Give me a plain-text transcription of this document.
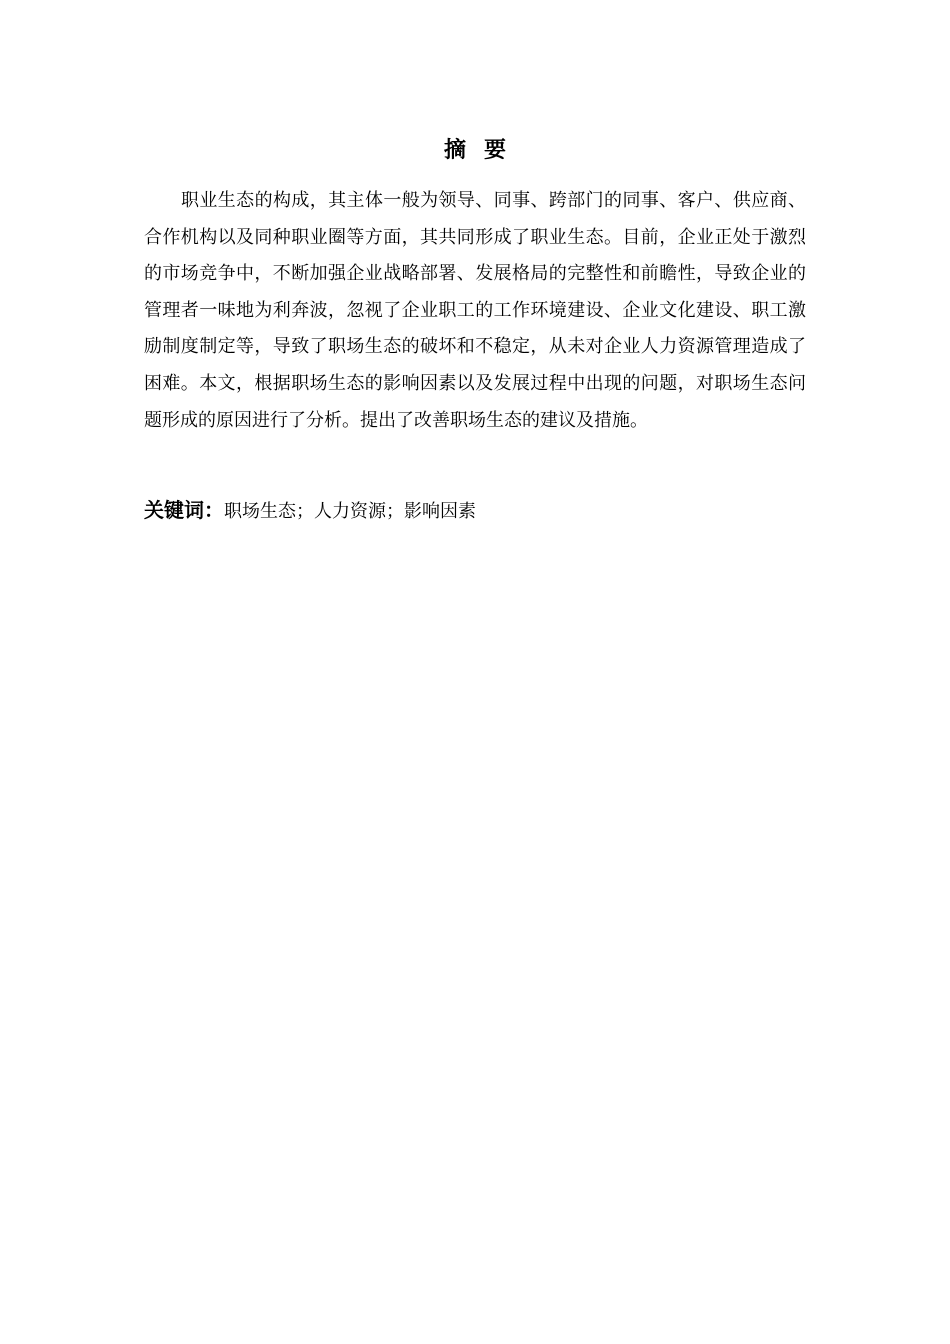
摘要

职业生态的构成，其主体一般为领导、同事、跨部门的同事、客户、供应商、合作机构以及同种职业圈等方面，其共同形成了职业生态。目前，企业正处于激烈的市场竞争中，不断加强企业战略部署、发展格局的完整性和前瞻性，导致企业的管理者一味地为利奔波，忽视了企业职工的工作环境建设、企业文化建设、职工激励制度制定等，导致了职场生态的破坏和不稳定，从未对企业人力资源管理造成了困难。本文，根据职场生态的影响因素以及发展过程中出现的问题，对职场生态问题形成的原因进行了分析。提出了改善职场生态的建议及措施。

关键词：职场生态；人力资源；影响因素
